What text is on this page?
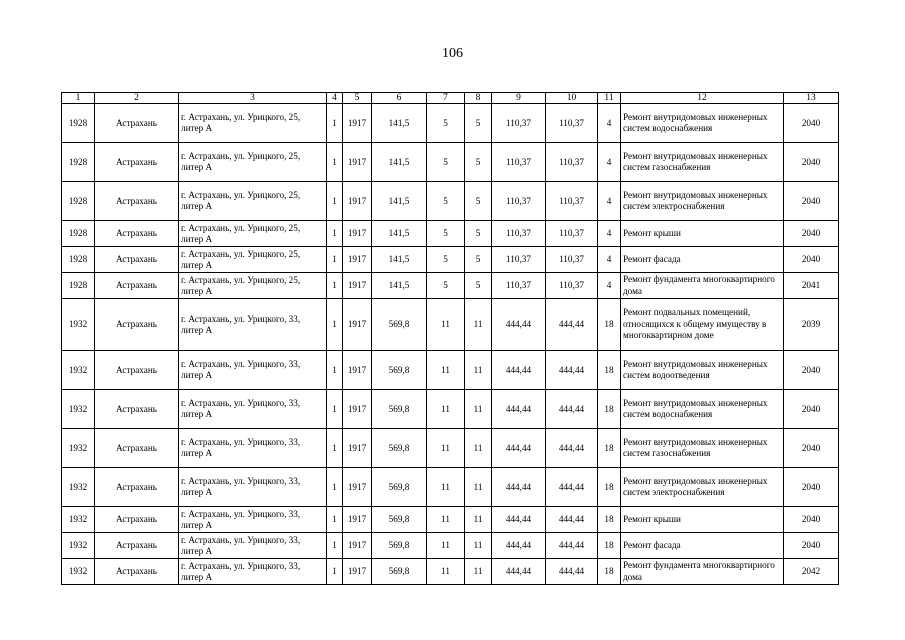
106
1	2	3	4	5	6	7	8	9	10	11	12	13
1928	Астрахань	г. Астрахань, ул. Урицкого, 25, литер А	1	1917	141,5	5	5	110,37	110,37	4	Ремонт внутридомовых инженерных систем водоснабжения	2040
1928	Астрахань	г. Астрахань, ул. Урицкого, 25, литер А	1	1917	141,5	5	5	110,37	110,37	4	Ремонт внутридомовых инженерных систем газоснабжения	2040
1928	Астрахань	г. Астрахань, ул. Урицкого, 25, литер А	1	1917	141,5	5	5	110,37	110,37	4	Ремонт внутридомовых инженерных систем электроснабжения	2040
1928	Астрахань	г. Астрахань, ул. Урицкого, 25, литер А	1	1917	141,5	5	5	110,37	110,37	4	Ремонт крыши	2040
1928	Астрахань	г. Астрахань, ул. Урицкого, 25, литер А	1	1917	141,5	5	5	110,37	110,37	4	Ремонт фасада	2040
1928	Астрахань	г. Астрахань, ул. Урицкого, 25, литер А	1	1917	141,5	5	5	110,37	110,37	4	Ремонт фундамента многоквартирного дома	2041
1932	Астрахань	г. Астрахань, ул. Урицкого, 33, литер А	1	1917	569,8	11	11	444,44	444,44	18	Ремонт подвальных помещений, относящихся к общему имуществу в многоквартирном доме	2039
1932	Астрахань	г. Астрахань, ул. Урицкого, 33, литер А	1	1917	569,8	11	11	444,44	444,44	18	Ремонт внутридомовых инженерных систем водоотведения	2040
1932	Астрахань	г. Астрахань, ул. Урицкого, 33, литер А	1	1917	569,8	11	11	444,44	444,44	18	Ремонт внутридомовых инженерных систем водоснабжения	2040
1932	Астрахань	г. Астрахань, ул. Урицкого, 33, литер А	1	1917	569,8	11	11	444,44	444,44	18	Ремонт внутридомовых инженерных систем газоснабжения	2040
1932	Астрахань	г. Астрахань, ул. Урицкого, 33, литер А	1	1917	569,8	11	11	444,44	444,44	18	Ремонт внутридомовых инженерных систем электроснабжения	2040
1932	Астрахань	г. Астрахань, ул. Урицкого, 33, литер А	1	1917	569,8	11	11	444,44	444,44	18	Ремонт крыши	2040
1932	Астрахань	г. Астрахань, ул. Урицкого, 33, литер А	1	1917	569,8	11	11	444,44	444,44	18	Ремонт фасада	2040
1932	Астрахань	г. Астрахань, ул. Урицкого, 33, литер А	1	1917	569,8	11	11	444,44	444,44	18	Ремонт фундамента многоквартирного дома	2042
